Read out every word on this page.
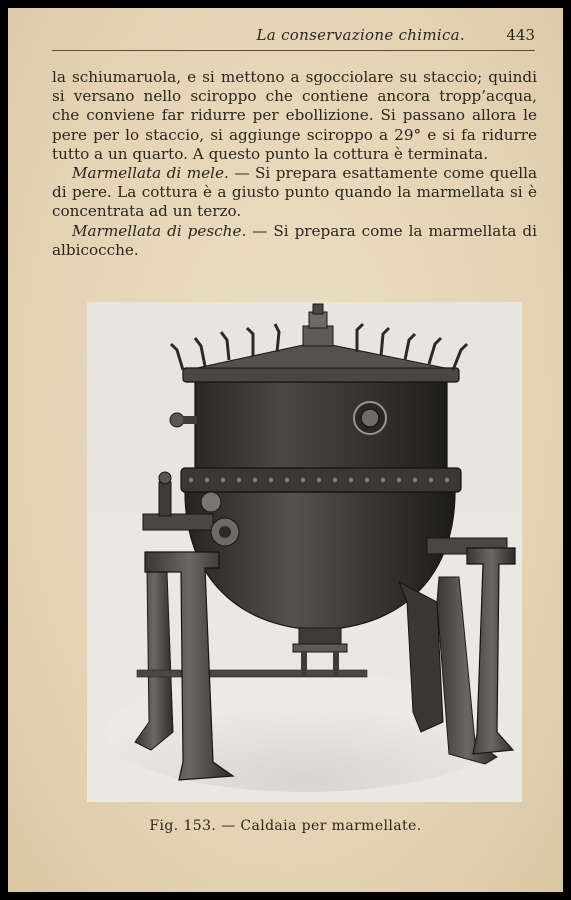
La conservazione chimica.	443

la schiumaruola, e si mettono a sgocciolare su staccio; quindi si versano nello sciroppo che contiene ancora tropp’acqua, che conviene far ridurre per ebollizione. Si passano allora le pere per lo staccio, si aggiunge sciroppo a 29° e si fa ridurre tutto a un quarto. A questo punto la cottura è terminata.

Marmellata di mele. — Si prepara esattamente come quella di pere. La cottura è a giusto punto quando la marmellata si è concentrata ad un terzo.

Marmellata di pesche. — Si prepara come la marmellata di albicocche.

Fig. 153. — Caldaia per marmellate.
